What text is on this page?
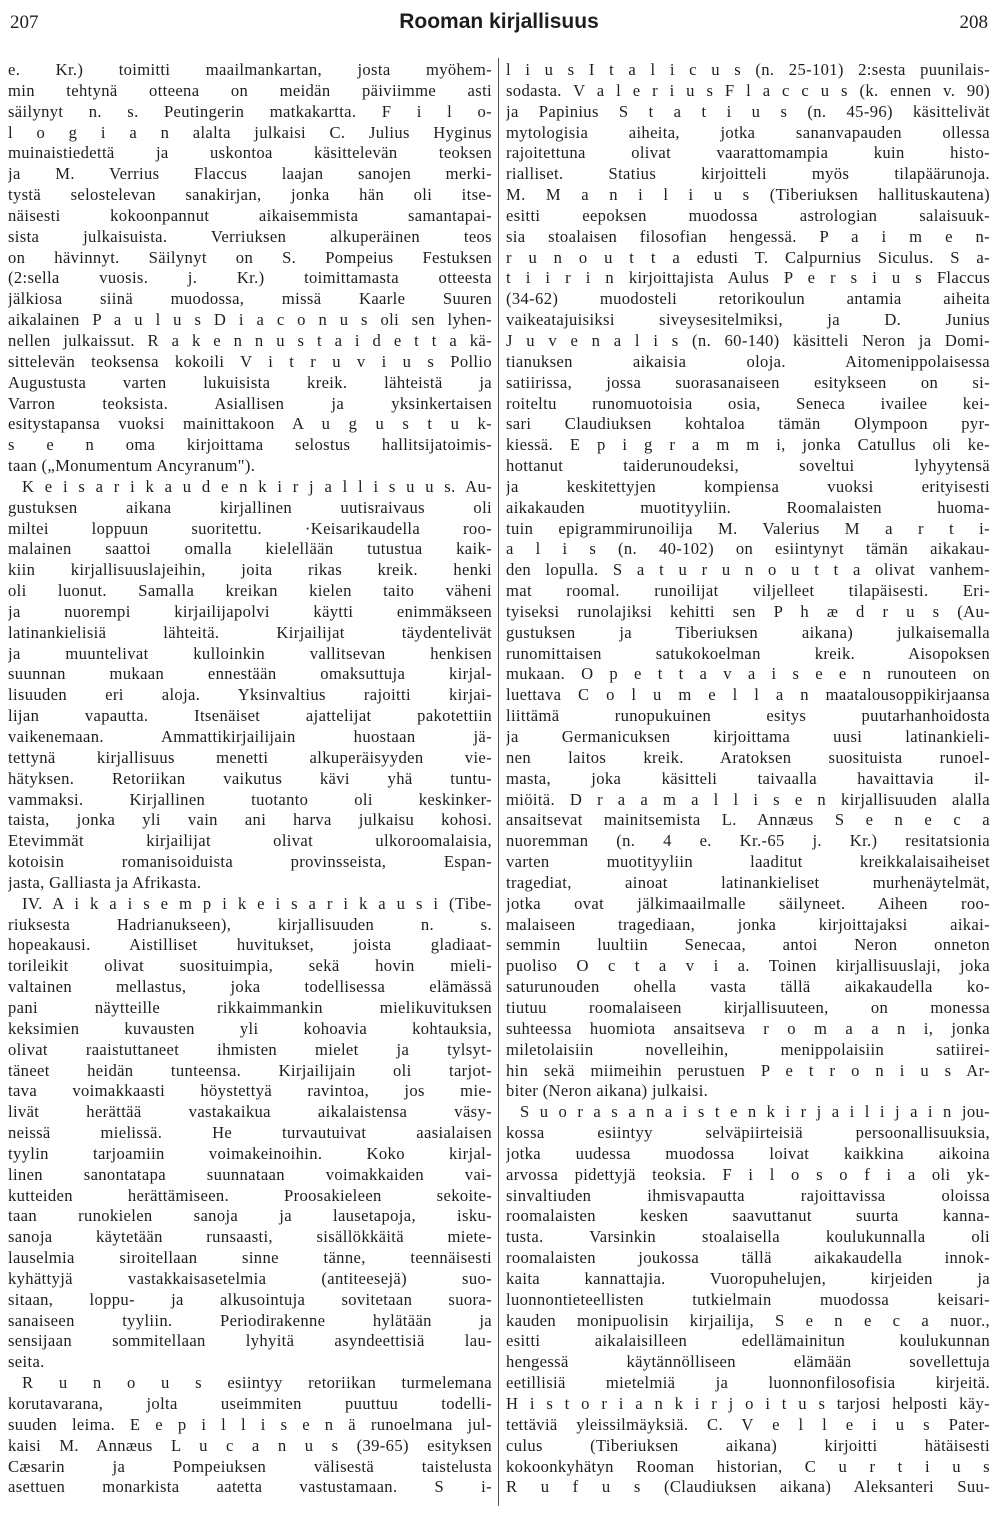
207	Rooman kirjallisuus	208
e. Kr.) toimitti maailmankartan, josta myöhem-
min tehtynä otteena on meidän päiviimme asti
säilynyt n. s. Peutingerin matkakartta. F i l o-
l o g i a n alalta julkaisi C. Julius Hyginus
muinaistiedettä ja uskontoa käsittelevän teoksen
ja M. Verrius Flaccus laajan sanojen merki-
tystä selostelevan sanakirjan, jonka hän oli itse-
näisesti kokoonpannut aikaisemmista samantapai-
sista julkaisuista. Verriuksen alkuperäinen teos
on hävinnyt. Säilynyt on S. Pompeius Festuksen
(2:sella vuosis. j. Kr.) toimittamasta otteesta
jälkiosa siinä muodossa, missä Kaarle Suuren
aikalainen P a u l u s D i a c o n u s oli sen lyhen-
nellen julkaissut. R a k e n n u s t a i d e t t a kä-
sittelevän teoksensa kokoili V i t r u v i u s Pollio
Augustusta varten lukuisista kreik. lähteistä ja
Varron teoksista. Asiallisen ja yksinkertaisen
esitystapansa vuoksi mainittakoon A u g u s t u k-
s e n oma kirjoittama selostus hallitsijatoimis-
taan („Monumentum Ancyranum").
K e i s a r i k a u d e n k i r j a l l i s u u s. Au-
gustuksen aikana kirjallinen uutisraivaus oli
miltei loppuun suoritettu. ·Keisarikaudella roo-
malainen saattoi omalla kielellään tutustua kaik-
kiin kirjallisuuslajeihin, joita rikas kreik. henki
oli luonut. Samalla kreikan kielen taito väheni
ja nuorempi kirjailijapolvi käytti enimmäkseen
latinankielisiä lähteitä. Kirjailijat täydentelivät
ja muuntelivat kulloinkin vallitsevan henkisen
suunnan mukaan ennestään omaksuttuja kirjal-
lisuuden eri aloja. Yksinvaltius rajoitti kirjai-
lijan vapautta. Itsenäiset ajattelijat pakotettiin
vaikenemaan. Ammattikirjailijain huostaan jä-
tettynä kirjallisuus menetti alkuperäisyyden vie-
hätyksen. Retoriikan vaikutus kävi yhä tuntu-
vammaksi. Kirjallinen tuotanto oli keskinker-
taista, jonka yli vain ani harva julkaisu kohosi.
Etevimmät kirjailijat olivat ulkoroomalaisia,
kotoisin romanisoiduista provinsseista, Espan-
jasta, Galliasta ja Afrikasta.
IV. A i k a i s e m p i k e i s a r i k a u s i (Tibe-
riuksesta Hadrianukseen), kirjallisuuden n. s.
hopeakausi. Aistilliset huvitukset, joista gladiaat-
torileikit olivat suosituimpia, sekä hovin mieli-
valtainen mellastus, joka todellisessa elämässä
pani näytteille rikkaimmankin mielikuvituksen
keksimien kuvausten yli kohoavia kohtauksia,
olivat raaistuttaneet ihmisten mielet ja tylsyt-
täneet heidän tunteensa. Kirjailijain oli tarjot-
tava voimakkaasti höystettyä ravintoa, jos mie-
livät herättää vastakaikua aikalaistensa väsy-
neissä mielissä. He turvautuivat aasialaisen
tyylin tarjoamiin voimakeinoihin. Koko kirjal-
linen sanontatapa suunnataan voimakkaiden vai-
kutteiden herättämiseen. Proosakieleen sekoite-
taan runokielen sanoja ja lausetapoja, isku-
sanoja käytetään runsaasti, sisällökkäitä miete-
lauselmia siroitellaan sinne tänne, teennäisesti
kyhättyjä vastakkaisasetelmia (antiteesejä) suo-
sitaan, loppu- ja alkusointuja sovitetaan suora-
sanaiseen tyyliin. Periodirakenne hylätään ja
sensijaan sommitellaan lyhyitä asyndeettisiä lau-
seita.
R u n o u s esiintyy retoriikan turmelemana
korutavarana, jolta useimmiten puuttuu todelli-
suuden leima. E e p i l l i s e n ä runoelmana jul-
kaisi M. Annæus L u c a n u s (39-65) esityksen
Cæsarin ja Pompeiuksen välisestä taistelusta
asettuen monarkista aatetta vastustamaan. S i-
l i u s I t a l i c u s (n. 25-101) 2:sesta puunilais-
sodasta. V a l e r i u s F l a c c u s (k. ennen v. 90)
ja Papinius S t a t i u s (n. 45-96) käsittelivät
mytologisia aiheita, jotka sananvapauden ollessa
rajoitettuna olivat vaarattomampia kuin histo-
rialliset. Statius kirjoitteli myös tilapäärunoja.
M. M a n i l i u s (Tiberiuksen hallituskautena)
esitti eepoksen muodossa astrologian salaisuuk-
sia stoalaisen filosofian hengessä. P a i m e n-
r u n o u t t a edusti T. Calpurnius Siculus. S a-
t i i r i n kirjoittajista Aulus P e r s i u s Flaccus
(34-62) muodosteli retorikoulun antamia aiheita
vaikeatajuisiksi siveysesitelmiksi, ja D. Junius
J u v e n a l i s (n. 60-140) käsitteli Neron ja Domi-
tianuksen aikaisia oloja. Aitomenippolaisessa
satiirissa, jossa suorasanaiseen esitykseen on si-
roiteltu runomuotoisia osia, Seneca ivailee kei-
sari Claudiuksen kohtaloa tämän Olympoon pyr-
kiessä. E p i g r a m m i, jonka Catullus oli ke-
hottanut taiderunoudeksi, soveltui lyhyytensä
ja keskitettyjen kompiensa vuoksi erityisesti
aikakauden muotityyliin. Roomalaisten huoma-
tuin epigrammirunoilija M. Valerius M a r t i-
a l i s (n. 40-102) on esiintynyt tämän aikakau-
den lopulla. S a t u r u n o u t t a olivat vanhem-
mat roomal. runoilijat viljelleet tilapäisesti. Eri-
tyiseksi runolajiksi kehitti sen P h æ d r u s (Au-
gustuksen ja Tiberiuksen aikana) julkaisemalla
runomittaisen satukokoelman kreik. Aisopoksen
mukaan. O p e t t a v a i s e e n runouteen on
luettava C o l u m e l l a n maatalousoppikirjaansa
liittämä runopukuinen esitys puutarhanhoidosta
ja Germanicuksen kirjoittama uusi latinankieli-
nen laitos kreik. Aratoksen suosituista runoel-
masta, joka käsitteli taivaalla havaittavia il-
miöitä. D r a a m a l l i s e n kirjallisuuden alalla
ansaitsevat mainitsemista L. Annæus S e n e c a
nuoremman (n. 4 e. Kr.-65 j. Kr.) resitatsionia
varten muotityyliin laaditut kreikkalaisaiheiset
tragediat, ainoat latinankieliset murhenäytelmät,
jotka ovat jälkimaailmalle säilyneet. Aiheen roo-
malaiseen tragediaan, jonka kirjoittajaksi aikai-
semmin luultiin Senecaa, antoi Neron onneton
puoliso O c t a v i a. Toinen kirjallisuuslaji, joka
saturunouden ohella vasta tällä aikakaudella ko-
tiutuu roomalaiseen kirjallisuuteen, on monessa
suhteessa huomiota ansaitseva r o m a a n i, jonka
miletolaisiin novelleihin, menippolaisiin satiirei-
hin sekä miimeihin perustuen P e t r o n i u s Ar-
biter (Neron aikana) julkaisi.
S u o r a s a n a i s t e n k i r j a i l i j a i n jou-
kossa esiintyy selväpiirteisiä persoonallisuuksia,
jotka uudessa muodossa loivat kaikkina aikoina
arvossa pidettyjä teoksia. F i l o s o f i a oli yk-
sinvaltiuden ihmisvapautta rajoittavissa oloissa
roomalaisten kesken saavuttanut suurta kanna-
tusta. Varsinkin stoalaisella koulukunnalla oli
roomalaisten joukossa tällä aikakaudella innok-
kaita kannattajia. Vuoropuhelujen, kirjeiden ja
luonnontieteellisten tutkielmain muodossa keisari-
kauden monipuolisin kirjailija, S e n e c a nuor.,
esitti aikalaisilleen edellämainitun koulukunnan
hengessä käytännölliseen elämään sovellettuja
eetillisiä mietelmiä ja luonnonfilosofisia kirjeitä.
H i s t o r i a n k i r j o i t u s tarjosi helposti käy-
tettäviä yleissilmäyksiä. C. V e l l e i u s Pater-
culus (Tiberiuksen aikana) kirjoitti hätäisesti
kokoonkyhätyn Rooman historian, C u r t i u s
R u f u s (Claudiuksen aikana) Aleksanteri Suu-
